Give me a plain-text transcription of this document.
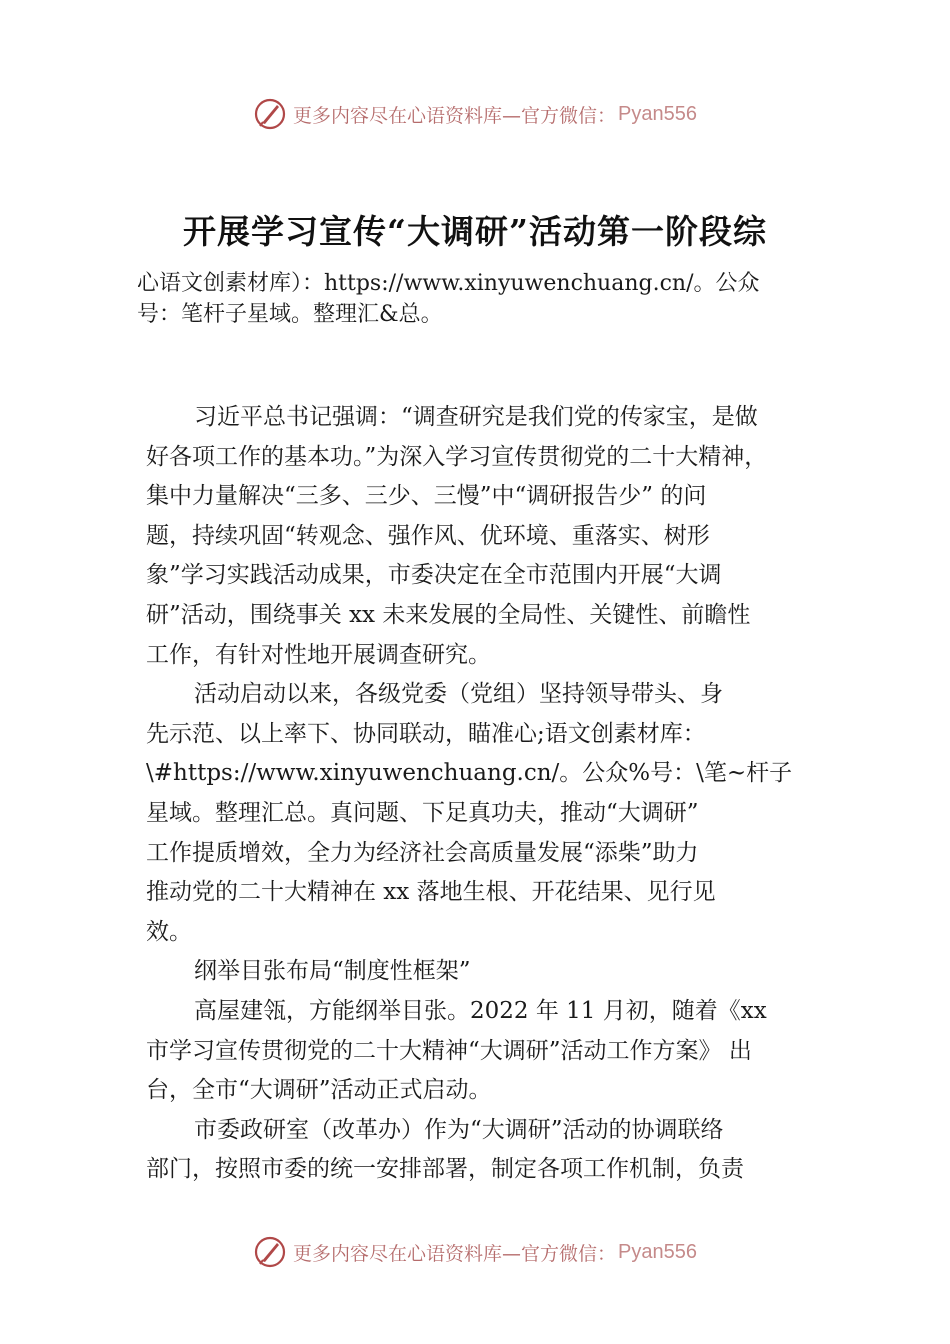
更多内容尽在心语资料库—官方微信： Pyan556
开展学习宣传“大调研”活动第一阶段综

心语文创素材库）：https://www.xinyuwenchuang.cn/。公众

号：笔杆子星域。整理汇&总。

习近平总书记强调：“调查研究是我们党的传家宝，是做

好各项工作的基本功。”为深入学习宣传贯彻党的二十大精神，

集中力量解决“三多、三少、三慢”中“调研报告少” 的问

题，持续巩固“转观念、强作风、优环境、重落实、树形

象”学习实践活动成果，市委决定在全市范围内开展“大调

研”活动，围绕事关 xx 未来发展的全局性、关键性、前瞻性

工作，有针对性地开展调查研究。

活动启动以来，各级党委（党组）坚持领导带头、身

先示范、以上率下、协同联动，瞄准心;语文创素材库：

\#https://www.xinyuwenchuang.cn/。公众%号：\笔~杆子

星域。整理汇总。真问题、下足真功夫，推动“大调研”

工作提质增效，全力为经济社会高质量发展“添柴”助力

推动党的二十大精神在 xx 落地生根、开花结果、见行见

效。

纲举目张布局“制度性框架”

高屋建瓴，方能纲举目张。2022 年 11 月初，随着《xx

市学习宣传贯彻党的二十大精神“大调研”活动工作方案》 出

台，全市“大调研”活动正式启动。

市委政研室（改革办）作为“大调研”活动的协调联络

部门，按照市委的统一安排部署，制定各项工作机制，负责

更多内容尽在心语资料库—官方微信： Pyan556
